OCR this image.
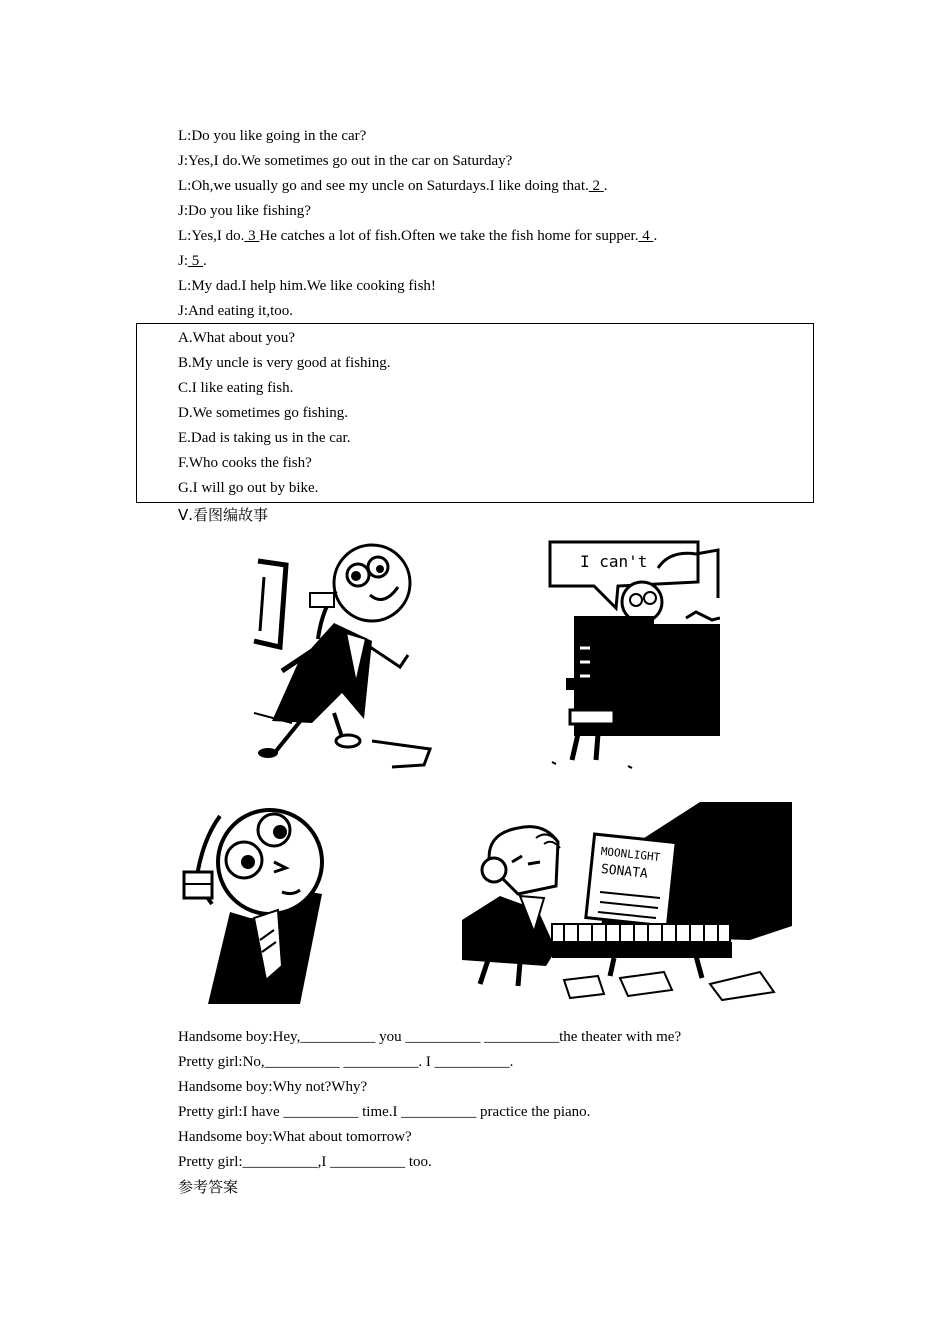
L:Do you like going in the car?
J:Yes,I do.We sometimes go out in the car on Saturday?
L:Oh,we usually go and see my uncle on Saturdays.I like doing that. 2 .
J:Do you like fishing?
L:Yes,I do. 3 He catches a lot of fish.Often we take the fish home for supper. 4 .
J: 5 .
L:My dad.I help him.We like cooking fish!
J:And eating it,too.
A.What about you?
B.My uncle is very good at fishing.
C.I like eating fish.
D.We sometimes go fishing.
E.Dad is taking us in the car.
F.Who cooks the fish?
G.I will go out by bike.
Ⅴ.看图编故事
I can't
MOONLIGHT
SONATA
Handsome boy:Hey,__________ you __________ __________the theater with me?
Pretty girl:No,__________ __________. I __________.
Handsome boy:Why not?Why?
Pretty girl:I have __________ time.I __________ practice the piano.
Handsome boy:What about tomorrow?
Pretty girl:__________,I __________ too.
参考答案
